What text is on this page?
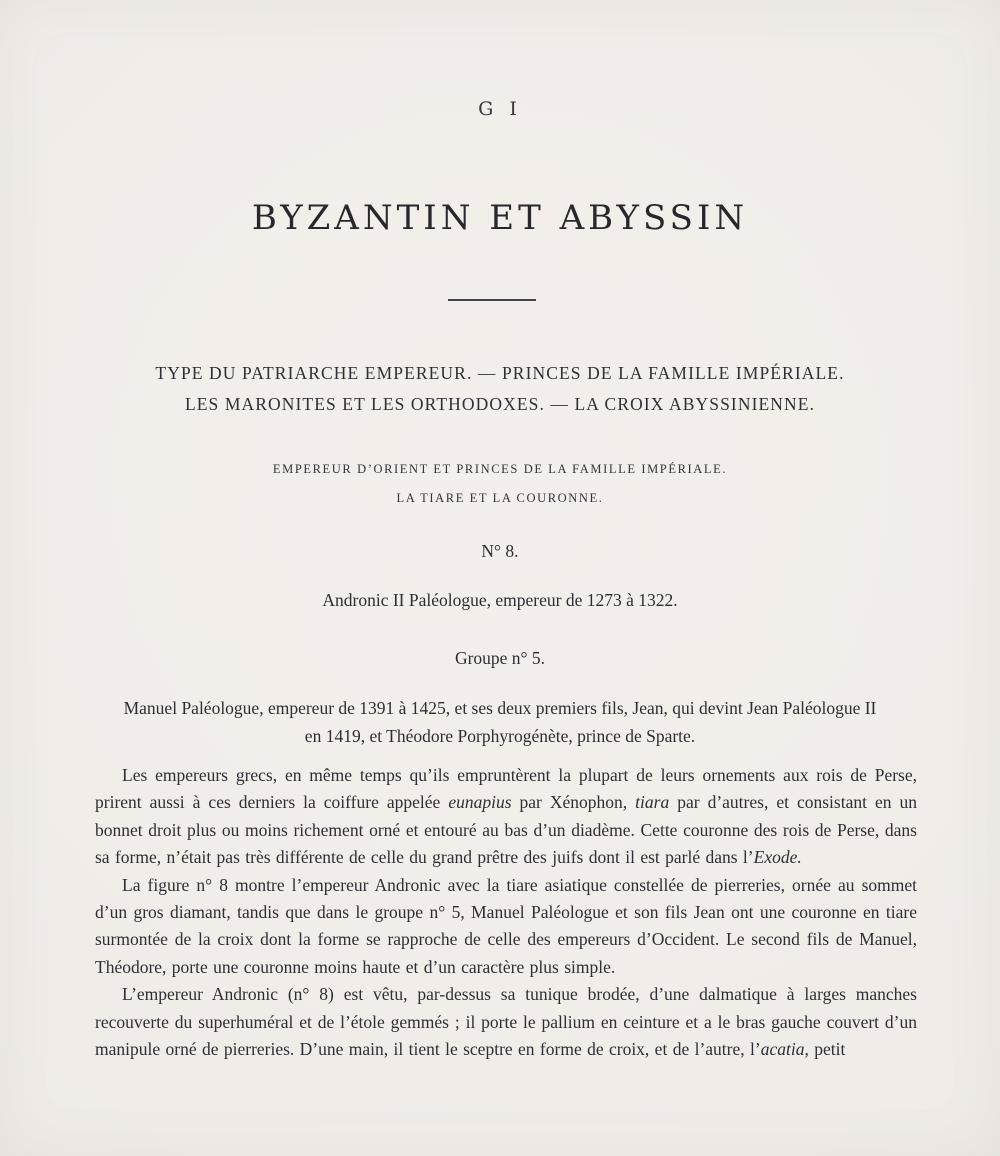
G I
BYZANTIN ET ABYSSIN
TYPE DU PATRIARCHE EMPEREUR. — PRINCES DE LA FAMILLE IMPÉRIALE.
LES MARONITES ET LES ORTHODOXES. — LA CROIX ABYSSINIENNE.
EMPEREUR D’ORIENT ET PRINCES DE LA FAMILLE IMPÉRIALE.
LA TIARE ET LA COURONNE.
N° 8.
Andronic II Paléologue, empereur de 1273 à 1322.
Groupe n° 5.
Manuel Paléologue, empereur de 1391 à 1425, et ses deux premiers fils, Jean, qui devint Jean Paléologue II
en 1419, et Théodore Porphyrogénète, prince de Sparte.

Les empereurs grecs, en même temps qu’ils empruntèrent la plupart de leurs ornements aux rois de Perse, prirent aussi à ces derniers la coiffure appelée eunapius par Xénophon, tiara par d’autres, et consistant en un bonnet droit plus ou moins richement orné et entouré au bas d’un diadème. Cette couronne des rois de Perse, dans sa forme, n’était pas très différente de celle du grand prêtre des juifs dont il est parlé dans l’Exode.

La figure n° 8 montre l’empereur Andronic avec la tiare asiatique constellée de pierreries, ornée au sommet d’un gros diamant, tandis que dans le groupe n° 5, Manuel Paléologue et son fils Jean ont une couronne en tiare surmontée de la croix dont la forme se rapproche de celle des empereurs d’Occident. Le second fils de Manuel, Théodore, porte une couronne moins haute et d’un caractère plus simple.

L’empereur Andronic (n° 8) est vêtu, par-dessus sa tunique brodée, d’une dalmatique à larges manches recouverte du superhuméral et de l’étole gemmés ; il porte le pallium en ceinture et a le bras gauche couvert d’un manipule orné de pierreries. D’une main, il tient le sceptre en forme de croix, et de l’autre, l’acatia, petit
